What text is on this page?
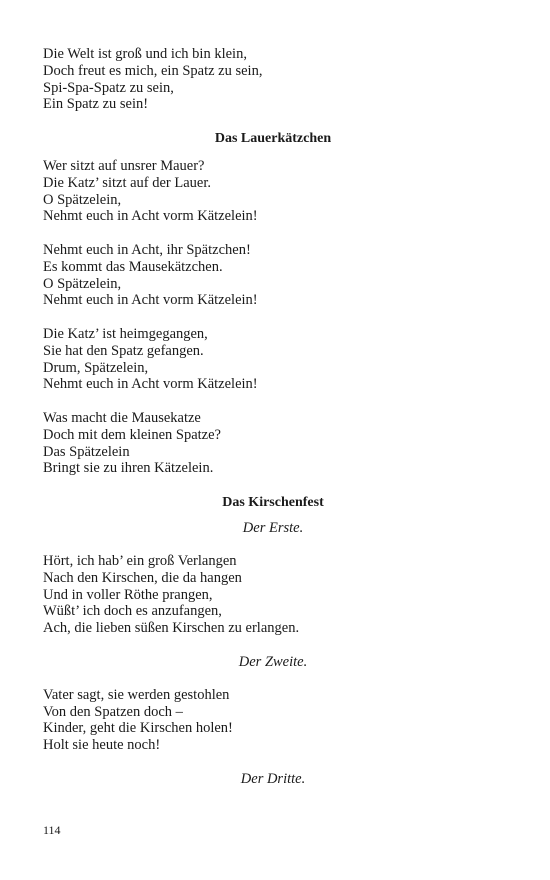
Die Welt ist groß und ich bin klein,
Doch freut es mich, ein Spatz zu sein,
Spi-Spa-Spatz zu sein,
Ein Spatz zu sein!
Das Lauerkätzchen
Wer sitzt auf unsrer Mauer?
Die Katz’ sitzt auf der Lauer.
O Spätzelein,
Nehmt euch in Acht vorm Kätzelein!
Nehmt euch in Acht, ihr Spätzchen!
Es kommt das Mausekätzchen.
O Spätzelein,
Nehmt euch in Acht vorm Kätzelein!
Die Katz’ ist heimgegangen,
Sie hat den Spatz gefangen.
Drum, Spätzelein,
Nehmt euch in Acht vorm Kätzelein!
Was macht die Mausekatze
Doch mit dem kleinen Spatze?
Das Spätzelein
Bringt sie zu ihren Kätzelein.
Das Kirschenfest
Der Erste.
Hört, ich hab’ ein groß Verlangen
Nach den Kirschen, die da hangen
Und in voller Röthe prangen,
Wüßt’ ich doch es anzufangen,
Ach, die lieben süßen Kirschen zu erlangen.
Der Zweite.
Vater sagt, sie werden gestohlen
Von den Spatzen doch –
Kinder, geht die Kirschen holen!
Holt sie heute noch!
Der Dritte.
114
